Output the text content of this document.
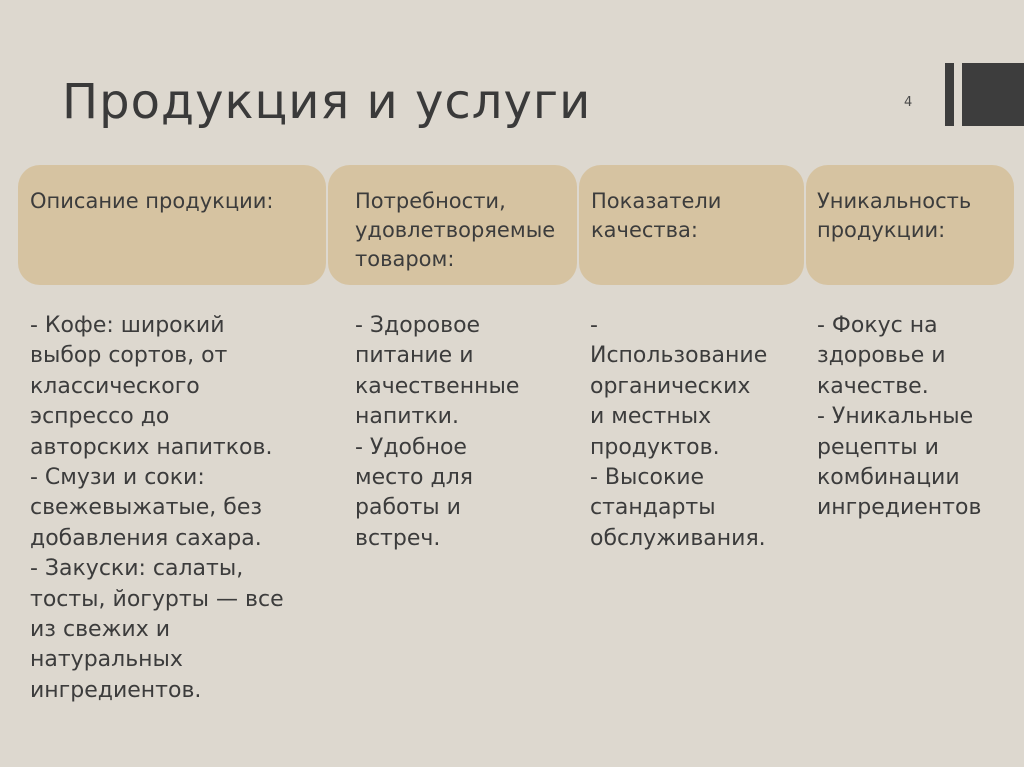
4
Продукция и услуги
Описание продукции:	Потребности, удовлетворяемые товаром:
Показатели качества:
Уникальность продукции:
- Кофе: широкий
выбор сортов, от
классического
эспрессо до
авторских напитков.
- Смузи и соки:
свежевыжатые, без
добавления сахара.
- Закуски: салаты,
тосты, йогурты — все
из свежих и
натуральных
ингредиентов.
- Здоровое
питание и
качественные
напитки.
- Удобное
место для
работы и
встреч.
-
Использование
органических
и местных
продуктов.
- Высокие
стандарты
обслуживания.
- Фокус на
здоровье и
качестве.
- Уникальные
рецепты и
комбинации
ингредиентов
